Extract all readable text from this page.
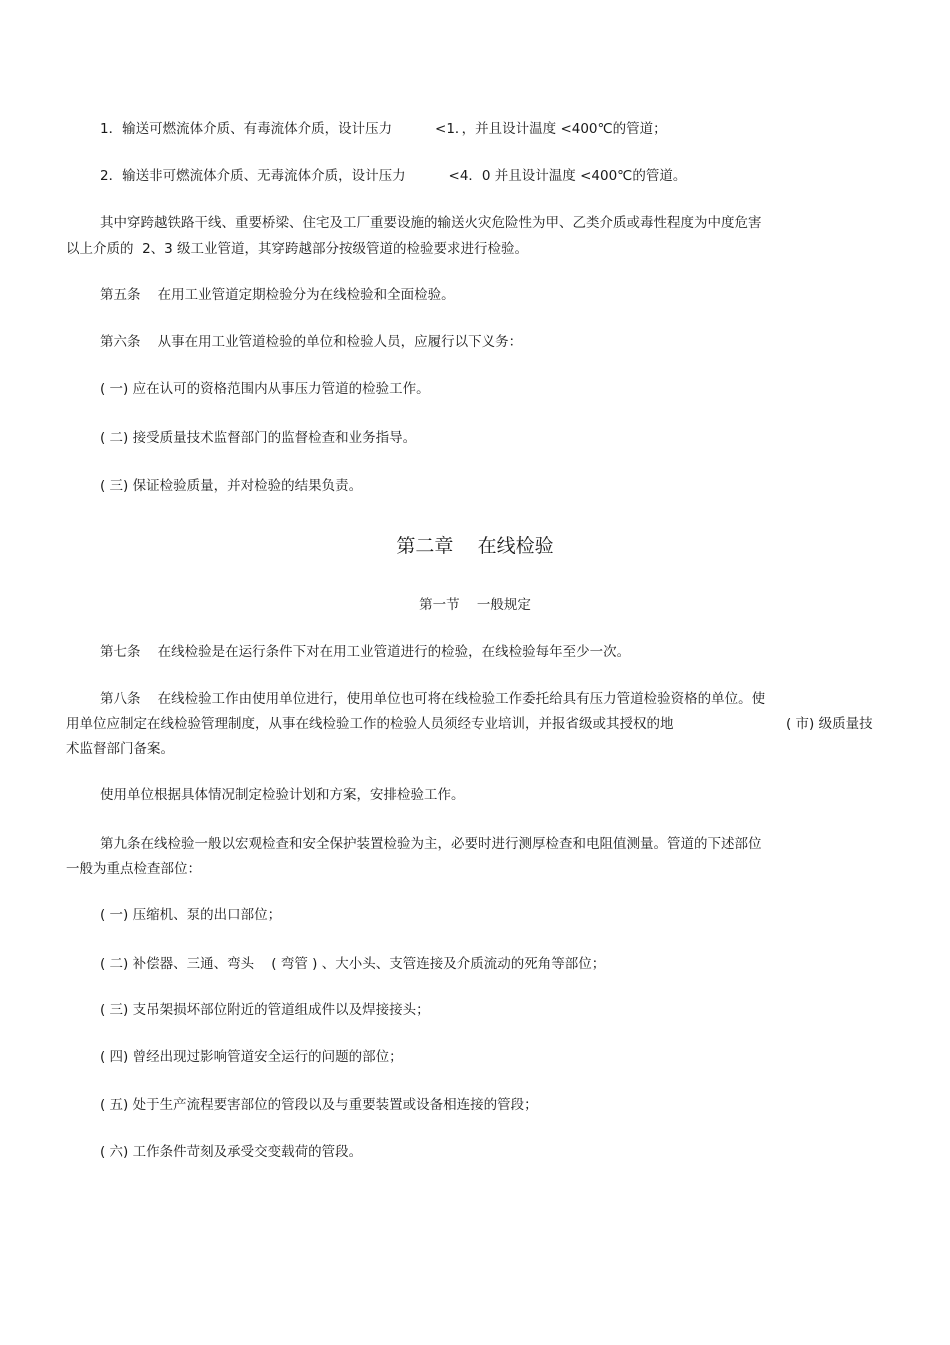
1．输送可燃流体介质、有毒流体介质，设计压力          <1．，并且设计温度 <400℃的管道；
2．输送非可燃流体介质、无毒流体介质，设计压力          <4．0 并且设计温度 <400℃的管道。
其中穿跨越铁路干线、重要桥梁、住宅及工厂重要设施的输送火灾危险性为甲、乙类介质或毒性程度为中度危害
以上介质的  2、3 级工业管道，其穿跨越部分按级管道的检验要求进行检验。
第五条    在用工业管道定期检验分为在线检验和全面检验。
第六条    从事在用工业管道检验的单位和检验人员，应履行以下义务：
( 一) 应在认可的资格范围内从事压力管道的检验工作。
( 二) 接受质量技术监督部门的监督检查和业务指导。
( 三) 保证检验质量，并对检验的结果负责。
第二章    在线检验
第一节    一般规定
第七条    在线检验是在运行条件下对在用工业管道进行的检验，在线检验每年至少一次。
第八条    在线检验工作由使用单位进行，使用单位也可将在线检验工作委托给具有压力管道检验资格的单位。使
用单位应制定在线检验管理制度，从事在线检验工作的检验人员须经专业培训，并报省级或其授权的地	( 市) 级质量技
术监督部门备案。
使用单位根据具体情况制定检验计划和方案，安排检验工作。
第九条在线检验一般以宏观检查和安全保护装置检验为主，必要时进行测厚检查和电阻值测量。管道的下述部位
一般为重点检查部位：
( 一) 压缩机、泵的出口部位；
( 二) 补偿器、三通、弯头    ( 弯管 ) 、大小头、支管连接及介质流动的死角等部位；
( 三) 支吊架损坏部位附近的管道组成件以及焊接接头；
( 四) 曾经出现过影响管道安全运行的问题的部位；
( 五) 处于生产流程要害部位的管段以及与重要装置或设备相连接的管段；
( 六) 工作条件苛刻及承受交变载荷的管段。
